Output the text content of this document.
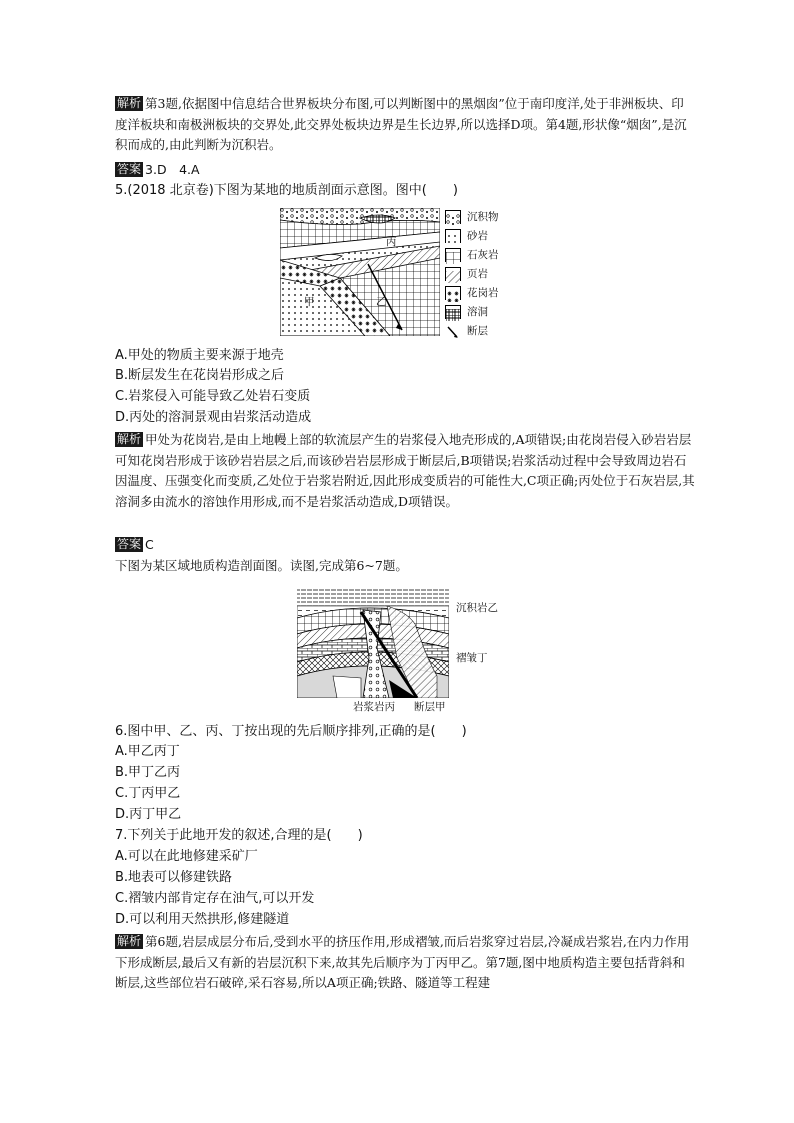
解析 第3题,依据图中信息结合世界板块分布图,可以判断图中的黑烟囱”位于南印度洋,处于非洲板块、印度洋板块和南极洲板块的交界处,此交界处板块边界是生长边界,所以选择D项。第4题,形状像“烟囱”,是沉积而成的,由此判断为沉积岩。
答案 3.D　4.A
5.(2018 北京卷)下图为某地的地质剖面示意图。图中(　　)
丙
甲	乙
沉积物
砂岩
石灰岩
页岩
花岗岩
溶洞
断层
A.甲处的物质主要来源于地壳
B.断层发生在花岗岩形成之后
C.岩浆侵入可能导致乙处岩石变质
D.丙处的溶洞景观由岩浆活动造成
解析 甲处为花岗岩,是由上地幔上部的软流层产生的岩浆侵入地壳形成的,A项错误;由花岗岩侵入砂岩岩层可知花岗岩形成于该砂岩岩层之后,而该砂岩岩层形成于断层后,B项错误;岩浆活动过程中会导致周边岩石因温度、压强变化而变质,乙处位于岩浆岩附近,因此形成变质岩的可能性大,C项正确;丙处位于石灰岩层,其溶洞多由流水的溶蚀作用形成,而不是岩浆活动造成,D项错误。
答案 C
下图为某区域地质构造剖面图。读图,完成第6~7题。
沉积岩乙
褶皱丁
岩浆岩丙 断层甲
6.图中甲、乙、丙、丁按出现的先后顺序排列,正确的是(　　)
A.甲乙丙丁
B.甲丁乙丙
C.丁丙甲乙
D.丙丁甲乙
7.下列关于此地开发的叙述,合理的是(　　)
A.可以在此地修建采矿厂
B.地表可以修建铁路
C.褶皱内部肯定存在油气,可以开发
D.可以利用天然拱形,修建隧道
解析 第6题,岩层成层分布后,受到水平的挤压作用,形成褶皱,而后岩浆穿过岩层,冷凝成岩浆岩,在内力作用下形成断层,最后又有新的岩层沉积下来,故其先后顺序为丁丙甲乙。第7题,图中地质构造主要包括背斜和断层,这些部位岩石破碎,采石容易,所以A项正确;铁路、隧道等工程建
